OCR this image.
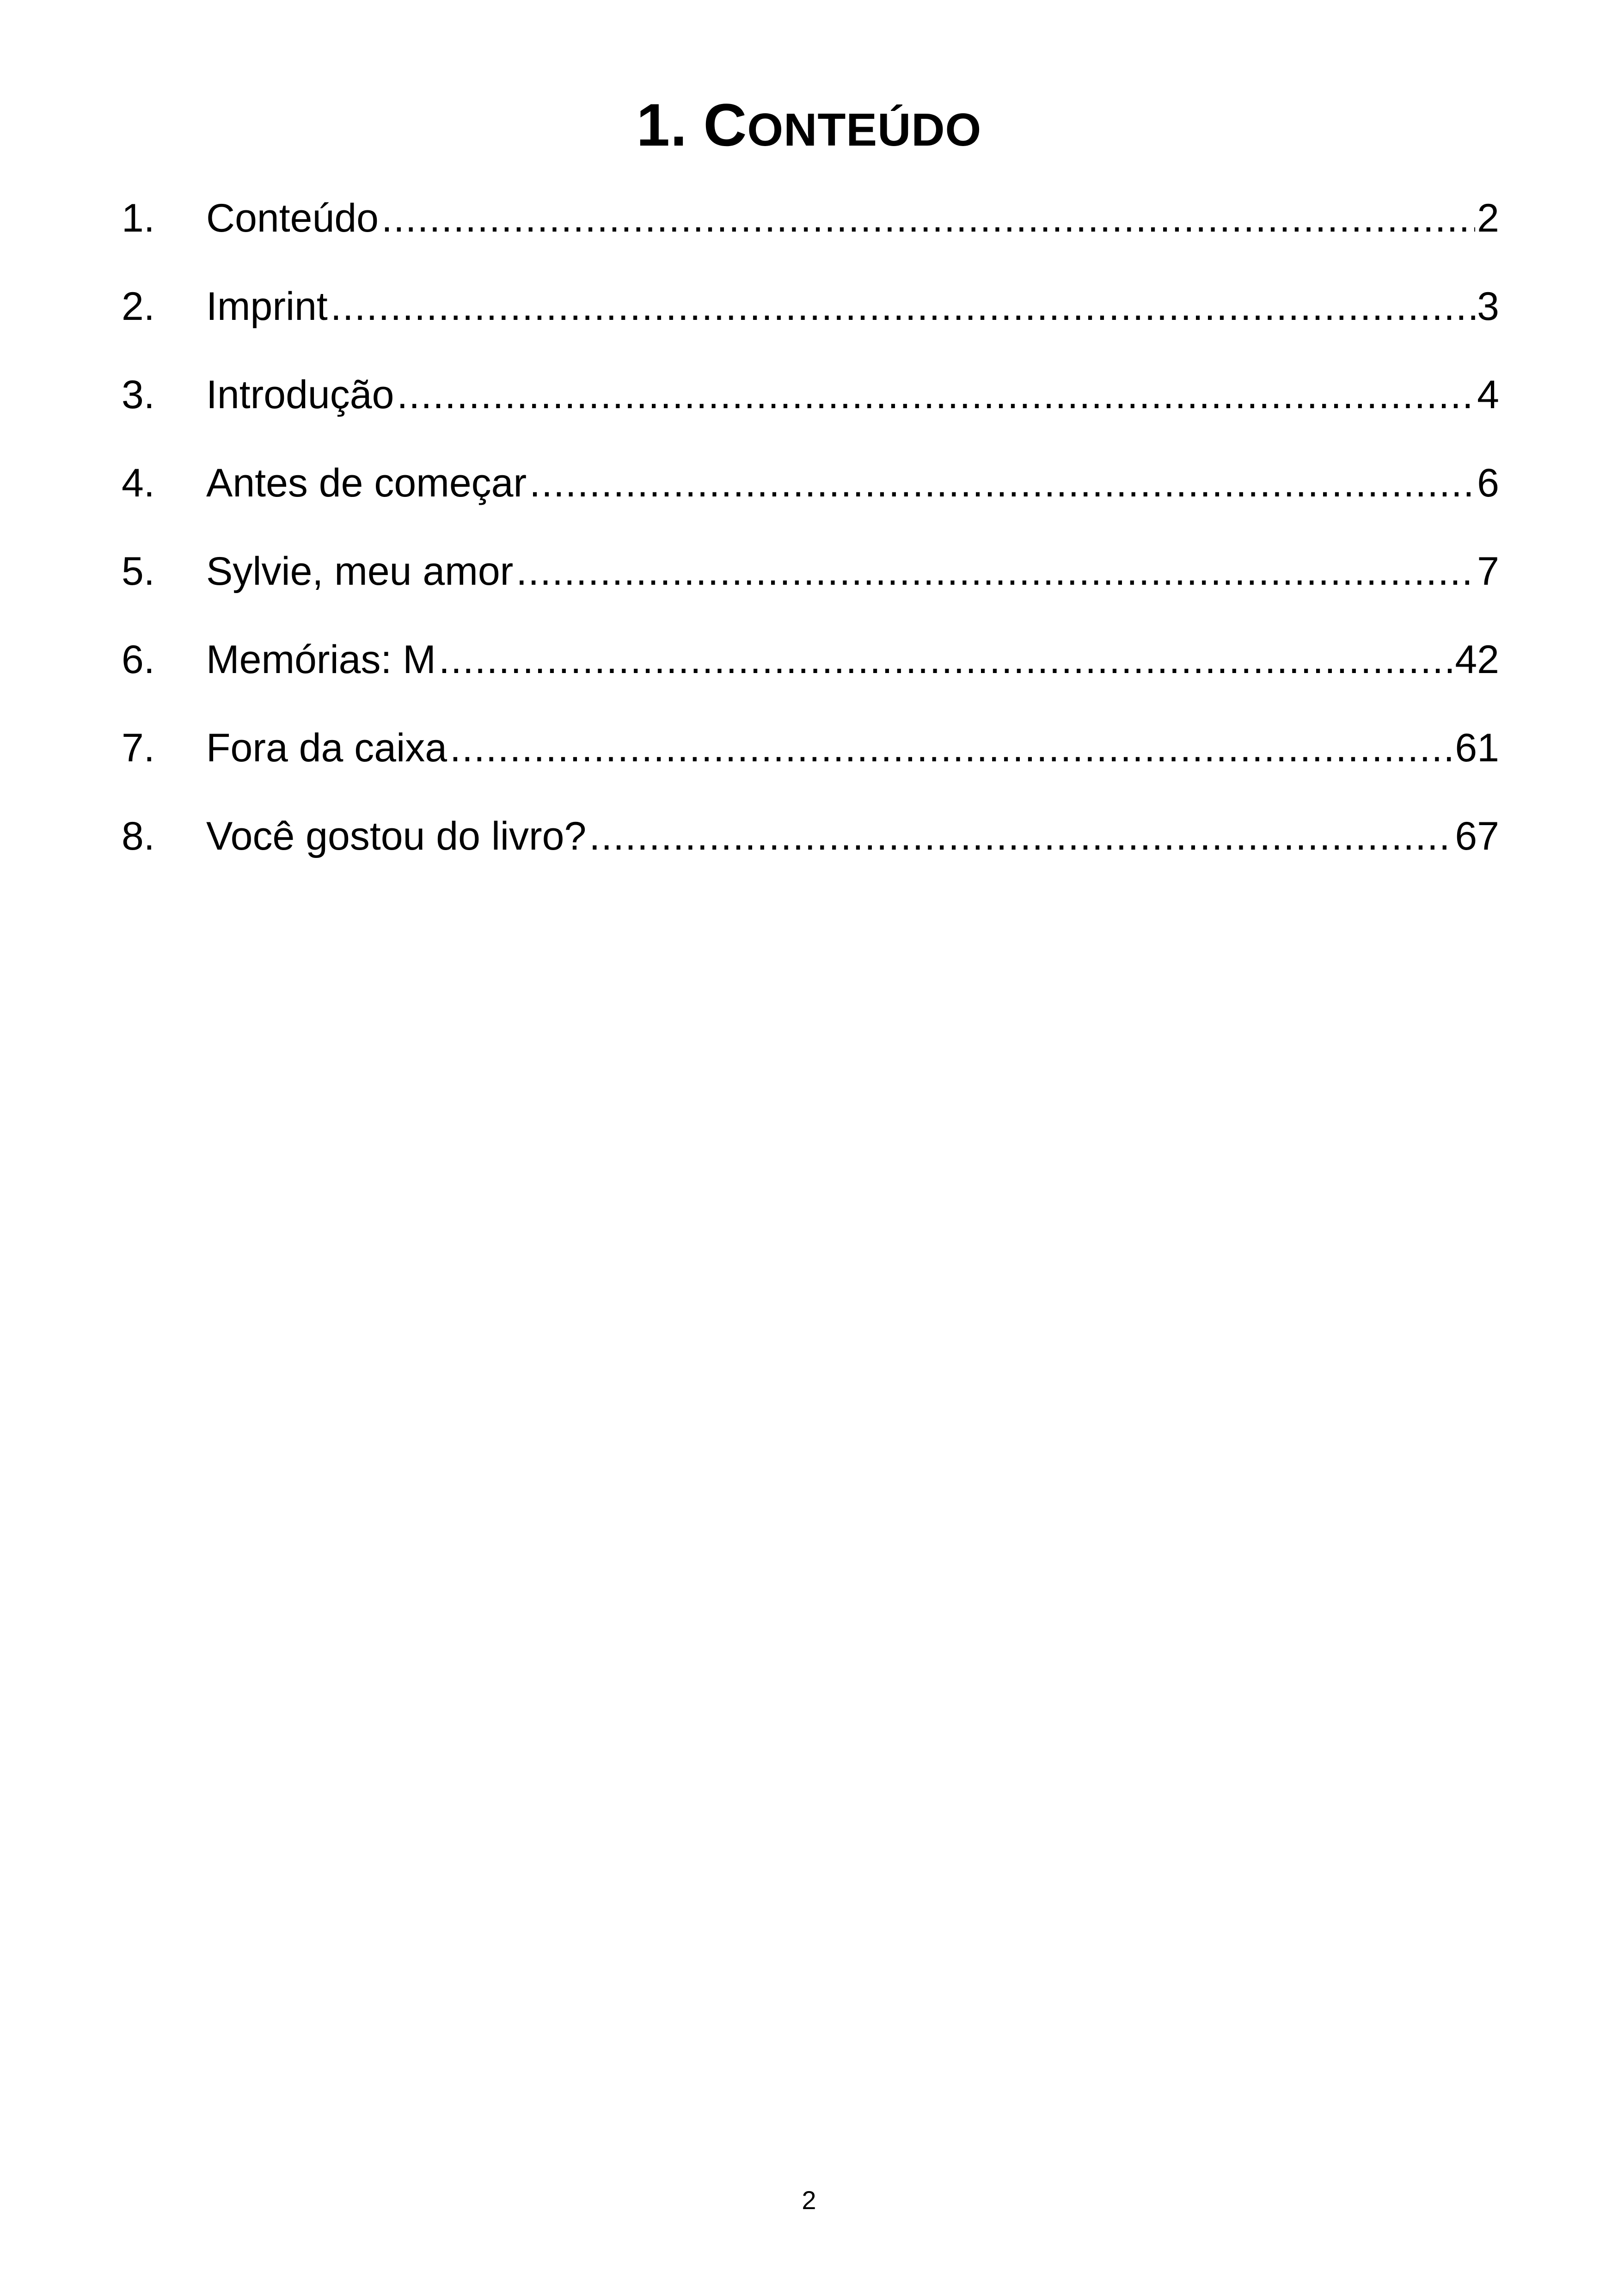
1. CONTEÚDO
1.	Conteúdo .....	2
2.	Imprint .....	3
3.	Introdução .....	4
4.	Antes de começar .....	6
5.	Sylvie, meu amor .....	7
6.	Memórias: M .....	42
7.	Fora da caixa .....	61
8.	Você gostou do livro? .....	67
2
